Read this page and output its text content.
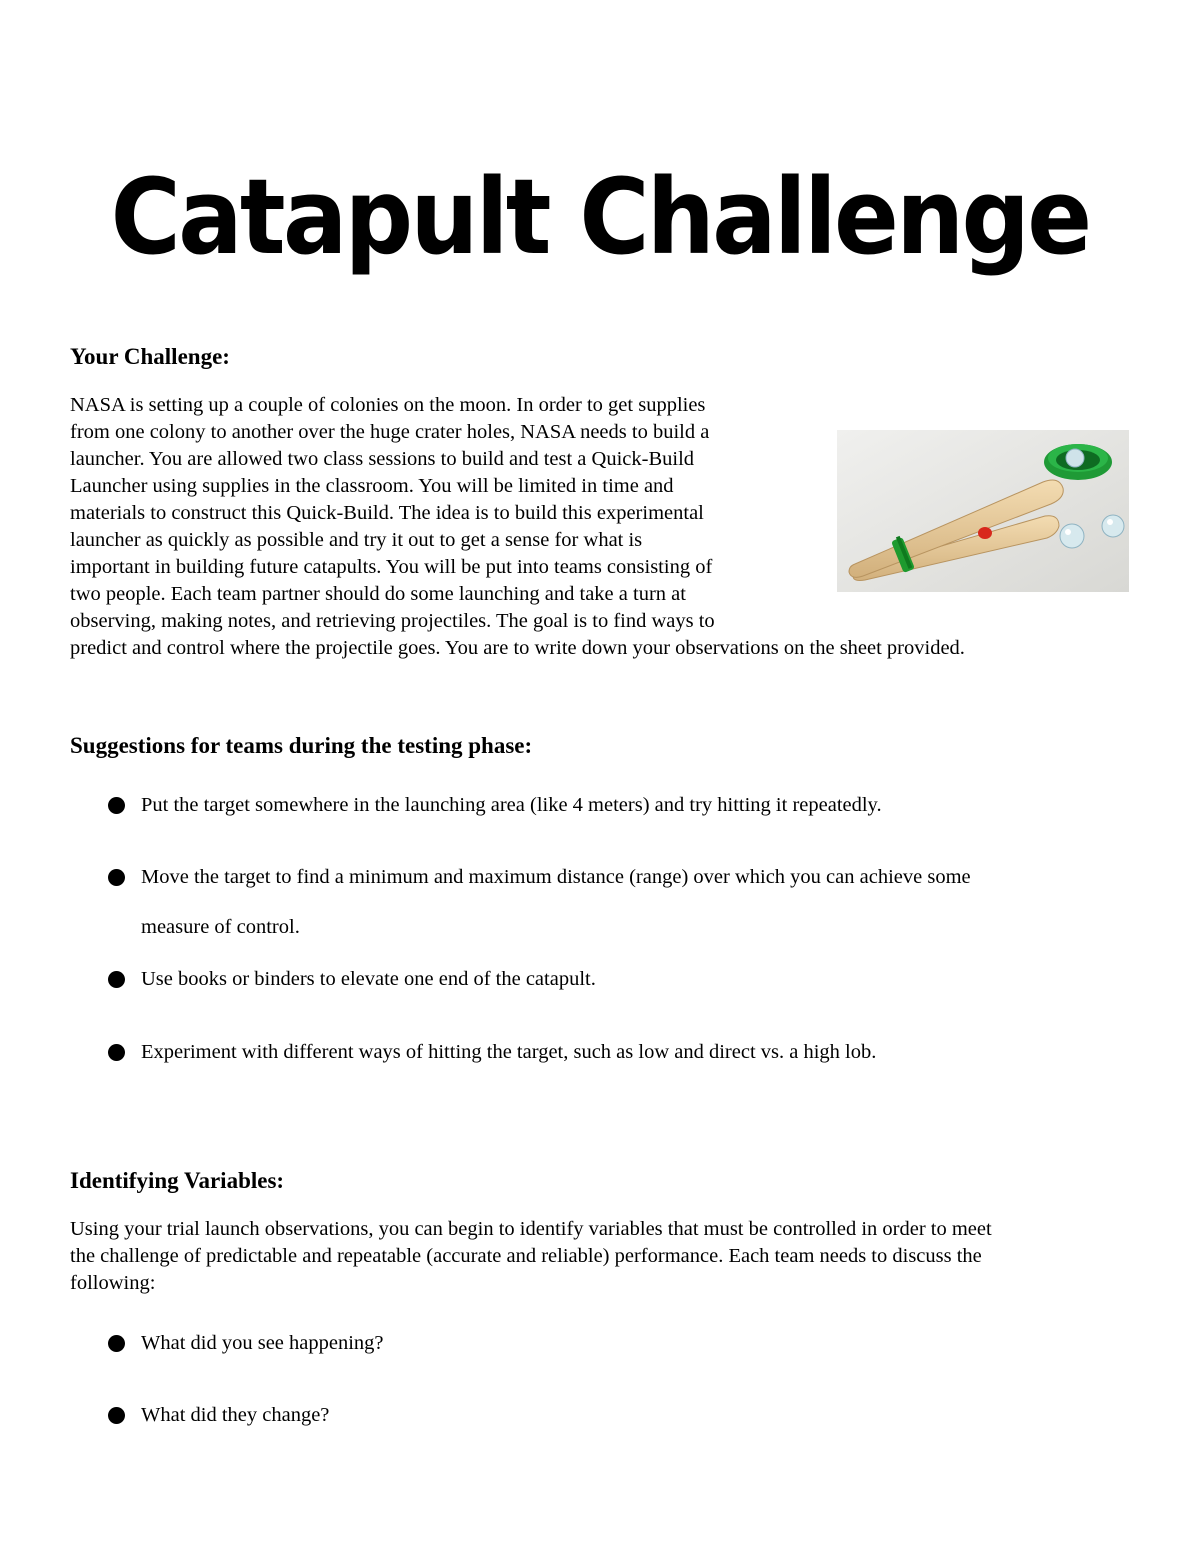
Catapult Challenge
Your Challenge:
NASA is setting up a couple of colonies on the moon. In order to get supplies
from one colony to another over the huge crater holes, NASA needs to build a
launcher. You are allowed two class sessions to build and test a Quick-Build
Launcher using supplies in the classroom. You will be limited in time and
materials to construct this Quick-Build. The idea is to build this experimental
launcher as quickly as possible and try it out to get a sense for what is
important in building future catapults. You will be put into teams consisting of
two people. Each team partner should do some launching and take a turn at
observing, making notes, and retrieving projectiles. The goal is to find ways to
predict and control where the projectile goes. You are to write down your observations on the sheet provided.
Suggestions for teams during the testing phase:
Put the target somewhere in the launching area (like 4 meters) and try hitting it repeatedly.
Move the target to find a minimum and maximum distance (range) over which you can achieve some
measure of control.
Use books or binders to elevate one end of the catapult.
Experiment with different ways of hitting the target, such as low and direct vs. a high lob.
Identifying Variables:
Using your trial launch observations, you can begin to identify variables that must be controlled in order to meet
the challenge of predictable and repeatable (accurate and reliable) performance. Each team needs to discuss the
following:
What did you see happening?
What did they change?
